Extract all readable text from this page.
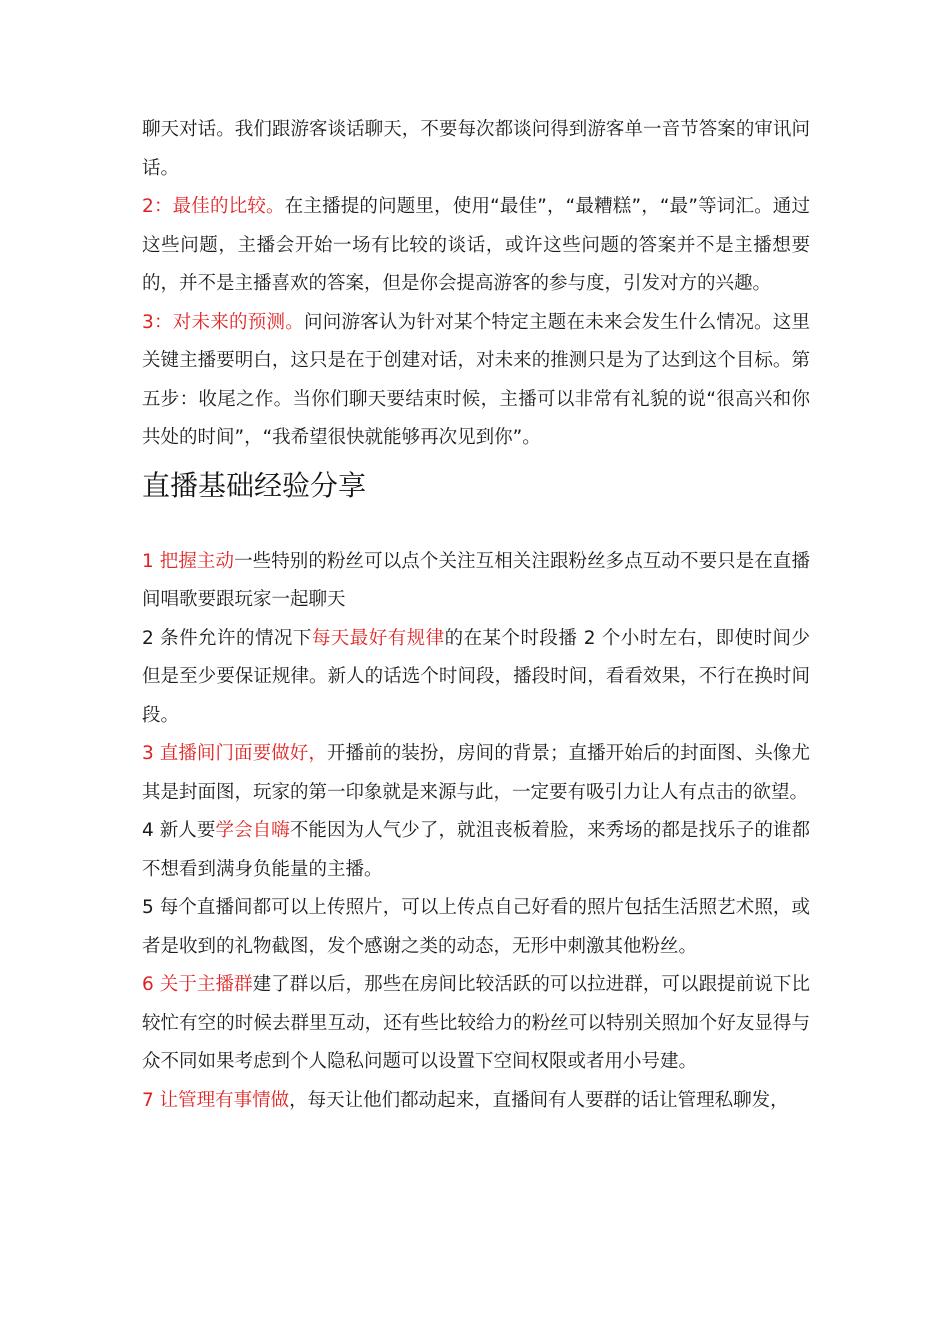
聊天对话。我们跟游客谈话聊天，不要每次都谈问得到游客单一音节答案的审讯问话。

2：最佳的比较。在主播提的问题里，使用“最佳”，“最糟糕”，“最”等词汇。通过这些问题，主播会开始一场有比较的谈话，或许这些问题的答案并不是主播想要的，并不是主播喜欢的答案，但是你会提高游客的参与度，引发对方的兴趣。

3：对未来的预测。问问游客认为针对某个特定主题在未来会发生什么情况。这里关键主播要明白，这只是在于创建对话，对未来的推测只是为了达到这个目标。第五步：收尾之作。当你们聊天要结束时候，主播可以非常有礼貌的说“很高兴和你共处的时间”，“我希望很快就能够再次见到你”。

直播基础经验分享

1 把握主动一些特别的粉丝可以点个关注互相关注跟粉丝多点互动不要只是在直播间唱歌要跟玩家一起聊天

2 条件允许的情况下每天最好有规律的在某个时段播 2 个小时左右，即使时间少但是至少要保证规律。新人的话选个时间段，播段时间，看看效果，不行在换时间段。

3 直播间门面要做好，开播前的装扮，房间的背景；直播开始后的封面图、头像尤其是封面图，玩家的第一印象就是来源与此，一定要有吸引力让人有点击的欲望。

4 新人要学会自嗨不能因为人气少了，就沮丧板着脸，来秀场的都是找乐子的谁都不想看到满身负能量的主播。

5 每个直播间都可以上传照片，可以上传点自己好看的照片包括生活照艺术照，或者是收到的礼物截图，发个感谢之类的动态，无形中刺激其他粉丝。

6 关于主播群建了群以后，那些在房间比较活跃的可以拉进群，可以跟提前说下比较忙有空的时候去群里互动，还有些比较给力的粉丝可以特别关照加个好友显得与众不同如果考虑到个人隐私问题可以设置下空间权限或者用小号建。

7 让管理有事情做，每天让他们都动起来，直播间有人要群的话让管理私聊发，
